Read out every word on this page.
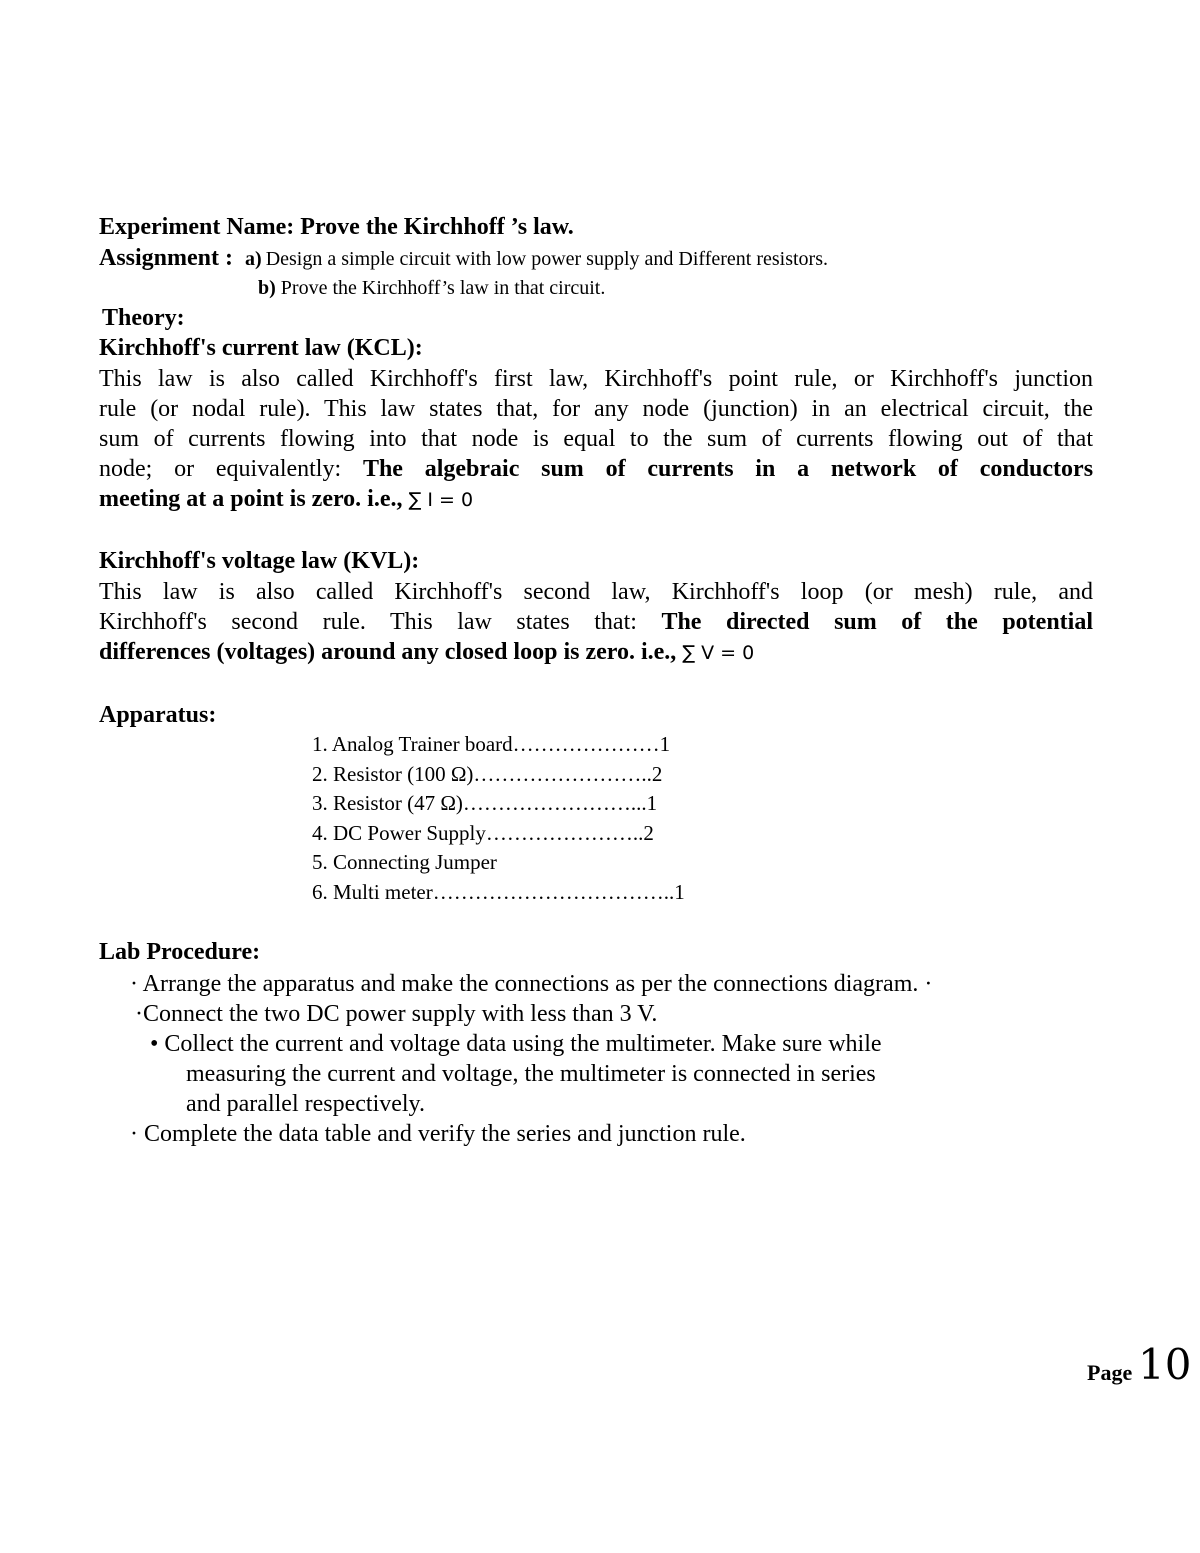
Experiment Name: Prove the Kirchhoff ’s law.
Assignment : a) Design a simple circuit with low power supply and Different resistors.
b) Prove the Kirchhoff’s law in that circuit.
Theory:
Kirchhoff's current law (KCL):
This law is also called Kirchhoff's first law, Kirchhoff's point rule, or Kirchhoff's junction
rule (or nodal rule). This law states that, for any node (junction) in an electrical circuit, the
sum of currents flowing into that node is equal to the sum of currents flowing out of that
node; or equivalently: The algebraic sum of currents in a network of conductors
meeting at a point is zero. i.e., ∑ I = 0
Kirchhoff's voltage law (KVL):
This law is also called Kirchhoff's second law, Kirchhoff's loop (or mesh) rule, and
Kirchhoff's second rule. This law states that: The directed sum of the potential
differences (voltages) around any closed loop is zero. i.e., ∑ V = 0
Apparatus:
1. Analog Trainer board…………………1
2. Resistor (100 Ω)……………………..2
3. Resistor (47 Ω)……………………...1
4. DC Power Supply…………………..2
5. Connecting Jumper
6. Multi meter……………………………..1
Lab Procedure:
· Arrange the apparatus and make the connections as per the connections diagram. ·
·Connect the two DC power supply with less than 3 V.
• Collect the current and voltage data using the multimeter. Make sure while
measuring the current and voltage, the multimeter is connected in series
and parallel respectively.
· Complete the data table and verify the series and junction rule.
Page 10
